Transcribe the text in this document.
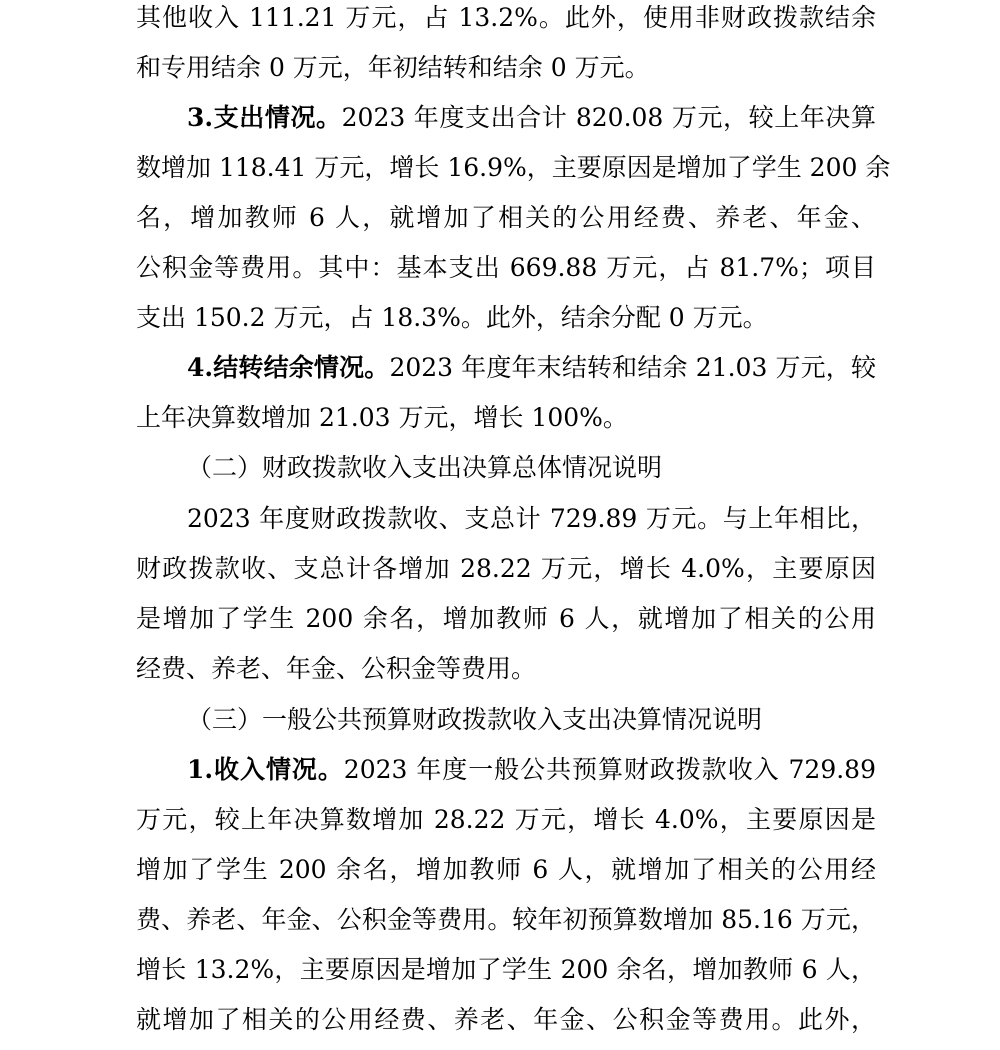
其他收入 111.21 万元，占 13.2%。此外，使用非财政拨款结余
和专用结余 0 万元，年初结转和结余 0 万元。
3.支出情况。2023 年度支出合计 820.08 万元，较上年决算
数增加 118.41 万元，增长 16.9%，主要原因是增加了学生 200 余
名，增加教师 6 人，就增加了相关的公用经费、养老、年金、
公积金等费用。其中：基本支出 669.88 万元，占 81.7%；项目
支出 150.2 万元，占 18.3%。此外，结余分配 0 万元。
4.结转结余情况。2023 年度年末结转和结余 21.03 万元，较
上年决算数增加 21.03 万元，增长 100%。
（二）财政拨款收入支出决算总体情况说明
2023 年度财政拨款收、支总计 729.89 万元。与上年相比，
财政拨款收、支总计各增加 28.22 万元，增长 4.0%，主要原因
是增加了学生 200 余名，增加教师 6 人，就增加了相关的公用
经费、养老、年金、公积金等费用。
（三）一般公共预算财政拨款收入支出决算情况说明
1.收入情况。2023 年度一般公共预算财政拨款收入 729.89
万元，较上年决算数增加 28.22 万元，增长 4.0%，主要原因是
增加了学生 200 余名，增加教师 6 人，就增加了相关的公用经
费、养老、年金、公积金等费用。较年初预算数增加 85.16 万元，
增长 13.2%，主要原因是增加了学生 200 余名，增加教师 6 人，
就增加了相关的公用经费、养老、年金、公积金等费用。此外，
